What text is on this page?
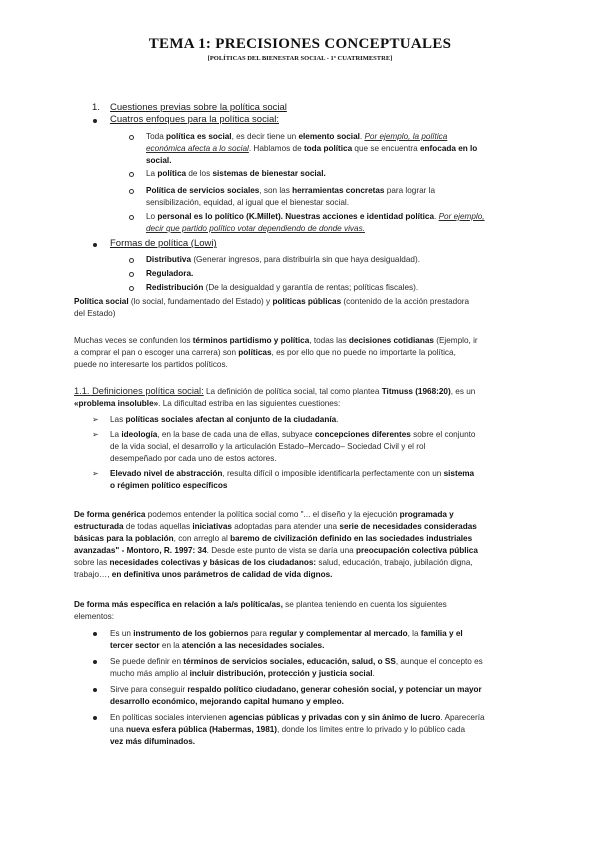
TEMA 1: PRECISIONES CONCEPTUALES
[POLÍTICAS DEL BIENESTAR SOCIAL - 1º CUATRIMESTRE]
1. Cuestiones previas sobre la política social
Cuatros enfoques para la política social:
Toda política es social, es decir tiene un elemento social. Por ejemplo, la política
económica afecta a lo social. Hablamos de toda política que se encuentra enfocada en lo
social.
La política de los sistemas de bienestar social.
Política de servicios sociales, son las herramientas concretas para lograr la
sensibilización, equidad, al igual que el bienestar social.
Lo personal es lo político (K.Millet). Nuestras acciones e identidad política. Por ejemplo,
decir que partido político votar dependiendo de donde vivas.
Formas de política (Lowi)
Distributiva (Generar ingresos, para distribuirla sin que haya desigualdad).
Reguladora.
Redistribución (De la desigualdad y garantía de rentas; políticas fiscales).
Política social (lo social, fundamentado del Estado) y políticas públicas (contenido de la acción prestadora
del Estado)
Muchas veces se confunden los términos partidismo y política, todas las decisiones cotidianas (Ejemplo, ir
a comprar el pan o escoger una carrera) son políticas, es por ello que no puede no importarte la política,
puede no interesarte los partidos políticos.
1.1. Definiciones política social: La definición de política social, tal como plantea Titmuss (1968:20), es un
«problema insoluble». La dificultad estriba en las siguientes cuestiones:
➢ Las políticas sociales afectan al conjunto de la ciudadanía.
➢ La ideología, en la base de cada una de ellas, subyace concepciones diferentes sobre el conjunto
de la vida social, el desarrollo y la articulación Estado–Mercado– Sociedad Civil y el rol
desempeñado por cada uno de estos actores.
➢ Elevado nivel de abstracción, resulta difícil o imposible identificarla perfectamente con un sistema
o régimen político específicos
De forma genérica podemos entender la política social como "... el diseño y la ejecución programada y
estructurada de todas aquellas iniciativas adoptadas para atender una serie de necesidades consideradas
básicas para la población, con arreglo al baremo de civilización definido en las sociedades industriales
avanzadas" - Montoro, R. 1997: 34. Desde este punto de vista se daría una preocupación colectiva pública
sobre las necesidades colectivas y básicas de los ciudadanos: salud, educación, trabajo, jubilación digna,
trabajo…, en definitiva unos parámetros de calidad de vida dignos.
De forma más específica en relación a la/s política/as, se plantea teniendo en cuenta los siguientes
elementos:
Es un instrumento de los gobiernos para regular y complementar al mercado, la familia y el
tercer sector en la atención a las necesidades sociales.
Se puede definir en términos de servicios sociales, educación, salud, o SS, aunque el concepto es
mucho más amplio al incluir distribución, protección y justicia social.
Sirve para conseguir respaldo político ciudadano, generar cohesión social, y potenciar un mayor
desarrollo económico, mejorando capital humano y empleo.
En políticas sociales intervienen agencias públicas y privadas con y sin ánimo de lucro. Aparecería
una nueva esfera pública (Habermas, 1981), donde los límites entre lo privado y lo público cada
vez más difuminados.
